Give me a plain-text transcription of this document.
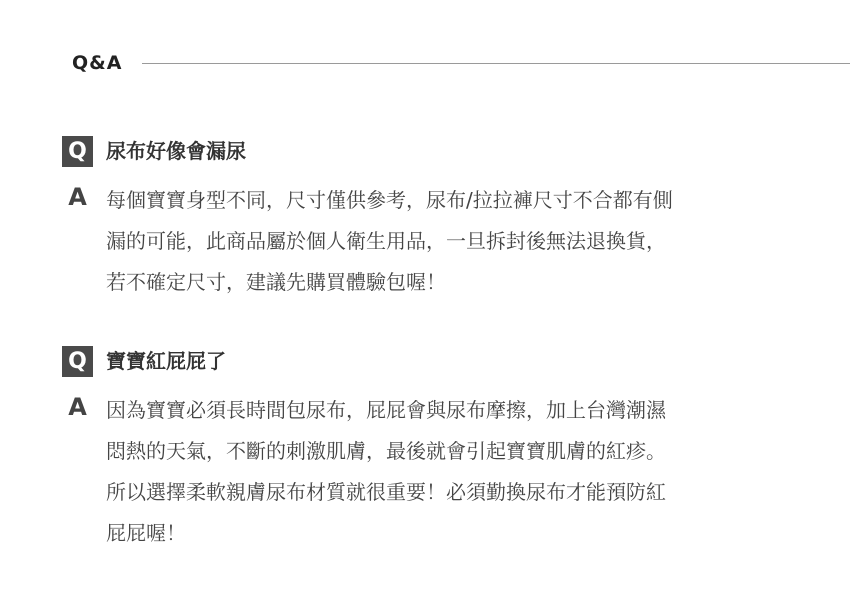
Q&A
Q 尿布好像會漏尿
A 每個寶寶身型不同，尺寸僅供參考，尿布/拉拉褲尺寸不合都有側
漏的可能，此商品屬於個人衛生用品，一旦拆封後無法退換貨，
若不確定尺寸，建議先購買體驗包喔！
Q 寶寶紅屁屁了
A 因為寶寶必須長時間包尿布，屁屁會與尿布摩擦，加上台灣潮濕
悶熱的天氣，不斷的刺激肌膚，最後就會引起寶寶肌膚的紅疹。
所以選擇柔軟親膚尿布材質就很重要！必須勤換尿布才能預防紅
屁屁喔！
